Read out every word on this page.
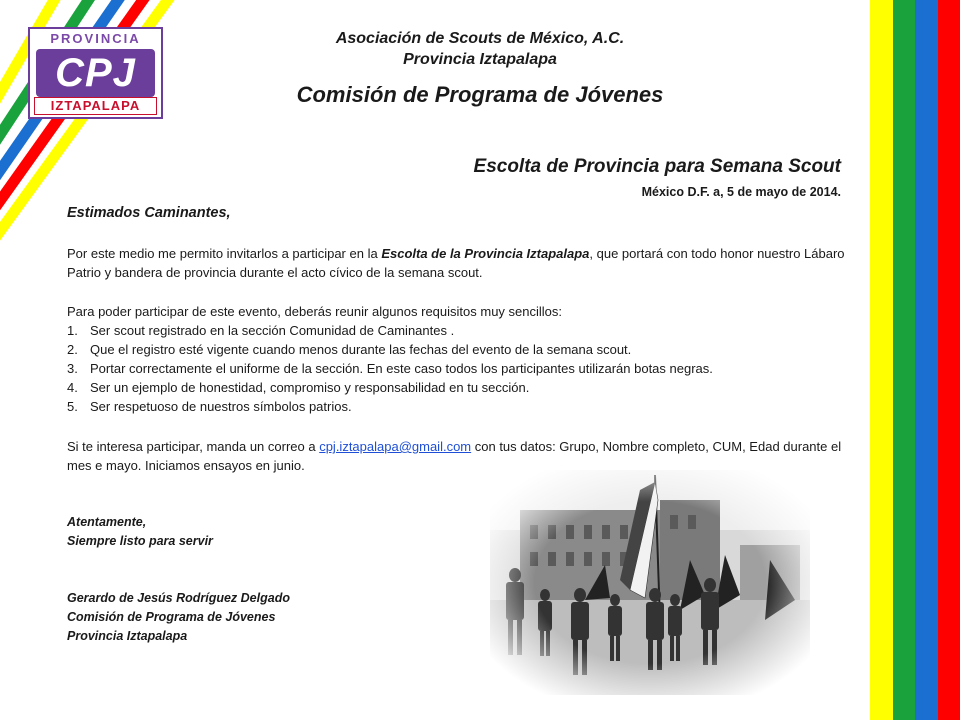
PROVINCIA
CPJ
IZTAPALAPA
Asociación de Scouts de México, A.C.
Provincia Iztapalapa
Comisión de Programa de Jóvenes
Escolta de Provincia para Semana Scout
México D.F. a, 5 de mayo de 2014.
Estimados Caminantes,
Por este medio me permito invitarlos a participar en la Escolta de la Provincia Iztapalapa, que portará con todo honor nuestro Lábaro Patrio y bandera de provincia durante el acto cívico de la semana scout.
Para poder participar de este evento, deberás reunir algunos requisitos muy sencillos:
1. Ser scout registrado en la sección Comunidad de Caminantes .
2. Que el registro esté vigente cuando menos durante las fechas del evento de la semana scout.
3. Portar correctamente el uniforme de la sección. En este caso todos los participantes utilizarán botas negras.
4. Ser un ejemplo de honestidad, compromiso y responsabilidad en tu sección.
5. Ser respetuoso de nuestros símbolos patrios.
Si te interesa participar, manda un correo a cpj.iztapalapa@gmail.com con tus datos: Grupo, Nombre completo, CUM, Edad durante el mes e mayo. Iniciamos ensayos en junio.
Atentamente,
Siempre listo para servir
Gerardo de Jesús Rodríguez Delgado
Comisión de Programa de Jóvenes
Provincia Iztapalapa
